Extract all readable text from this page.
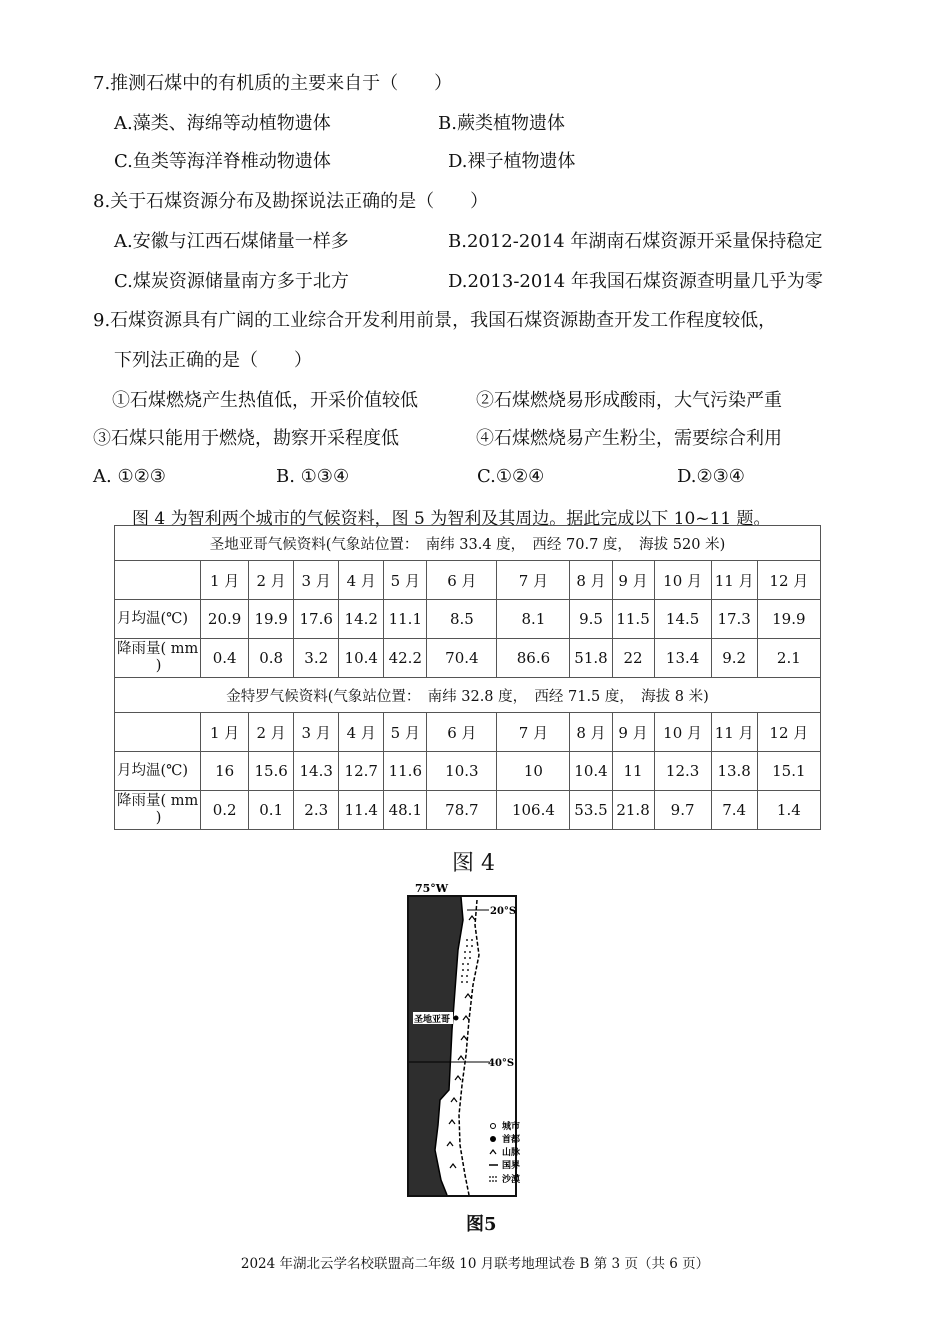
7.推测石煤中的有机质的主要来自于（　　）
A.藻类、海绵等动植物遗体	B.蕨类植物遗体
C.鱼类等海洋脊椎动物遗体	D.裸子植物遗体
8.关于石煤资源分布及勘探说法正确的是（　　）
A.安徽与江西石煤储量一样多	B.2012-2014 年湖南石煤资源开采量保持稳定
C.煤炭资源储量南方多于北方	D.2013-2014 年我国石煤资源查明量几乎为零
9.石煤资源具有广阔的工业综合开发利用前景，我国石煤资源勘查开发工作程度较低，
下列法正确的是（　　）
①石煤燃烧产生热值低，开采价值较低	②石煤燃烧易形成酸雨，大气污染严重
③石煤只能用于燃烧，勘察开采程度低	④石煤燃烧易产生粉尘，需要综合利用
A. ①②③	B. ①③④	C.①②④	D.②③④
图 4 为智利两个城市的气候资料，图 5 为智利及其周边。据此完成以下 10~11 题。
圣地亚哥气候资料(气象站位置：　南纬 33.4 度，　西经 70.7 度，　海拔 520 米)												
	1 月	2 月	3 月	4 月	5 月	6 月	7 月	8 月	9 月	10 月	11 月	12 月
月均温(℃)	20.9	19.9	17.6	14.2	11.1	8.5	8.1	9.5	11.5	14.5	17.3	19.9

降雨量( mm
)	0.4	0.8	3.2	10.4	42.2	70.4	86.6	51.8	22	13.4	9.2	2.1
金特罗气候资料(气象站位置：　南纬 32.8 度，　西经 71.5 度，　海拔 8 米)												
	1 月	2 月	3 月	4 月	5 月	6 月	7 月	8 月	9 月	10 月	11 月	12 月
月均温(℃)	16	15.6	14.3	12.7	11.6	10.3	10	10.4	11	12.3	13.8	15.1

降雨量( mm
)	0.2	0.1	2.3	11.4	48.1	78.7	106.4	53.5	21.8	9.7	7.4	1.4
图 4
75°W
20°S
40°S
圣地亚哥
城市
首都
山脉
国界
沙漠
图5
2024 年湖北云学名校联盟高二年级 10 月联考地理试卷 B 第 3 页（共 6 页）
